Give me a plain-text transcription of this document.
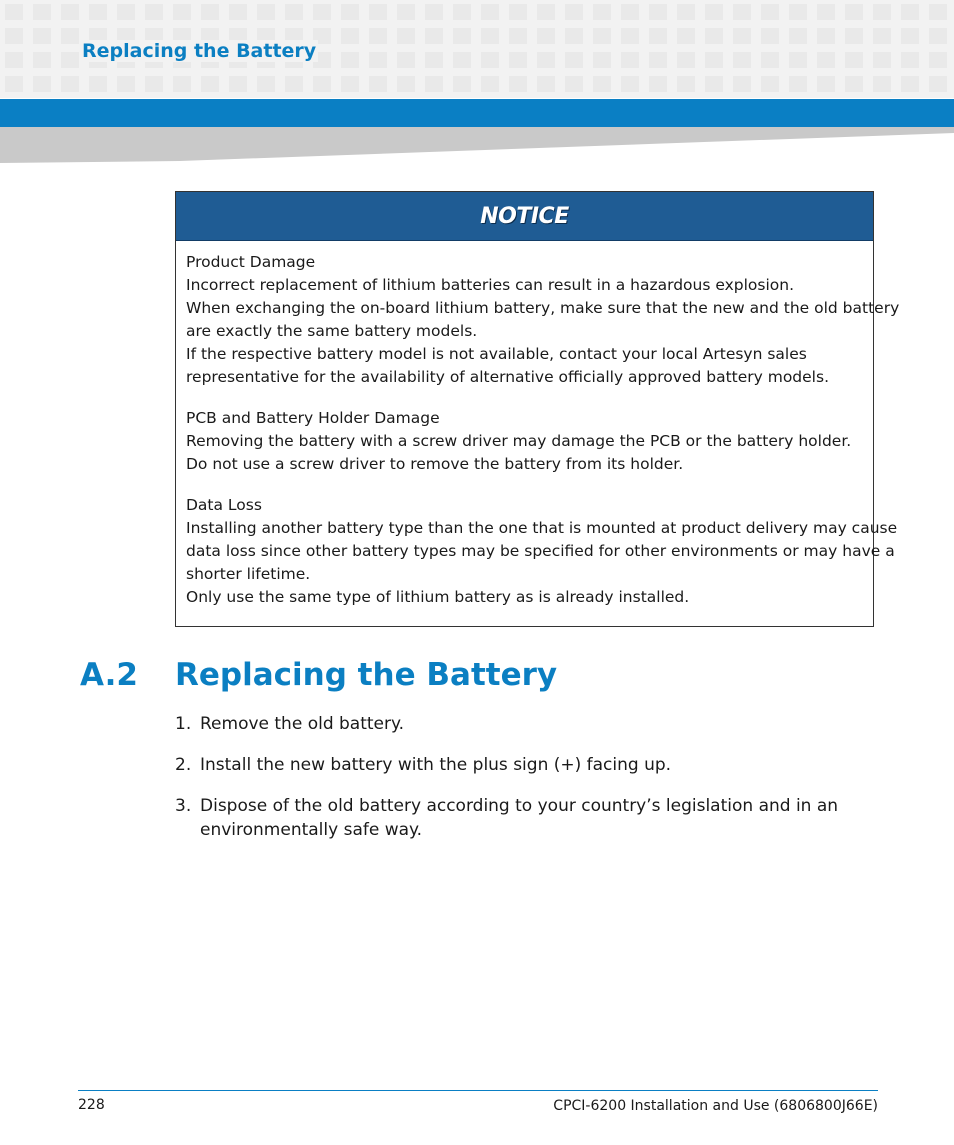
Replacing the Battery
NOTICE
Product Damage
Incorrect replacement of lithium batteries can result in a hazardous explosion.
When exchanging the on-board lithium battery, make sure that the new and the old battery
are exactly the same battery models.
If the respective battery model is not available, contact your local Artesyn sales
representative for the availability of alternative officially approved battery models.
PCB and Battery Holder Damage
Removing the battery with a screw driver may damage the PCB or the battery holder.
Do not use a screw driver to remove the battery from its holder.
Data Loss
Installing another battery type than the one that is mounted at product delivery may cause
data loss since other battery types may be specified for other environments or may have a
shorter lifetime.
Only use the same type of lithium battery as is already installed.
A.2 Replacing the Battery
1. Remove the old battery.
2. Install the new battery with the plus sign (+) facing up.
3. Dispose of the old battery according to your country’s legislation and in an environmentally safe way.
228	CPCI-6200 Installation and Use (6806800J66E)
